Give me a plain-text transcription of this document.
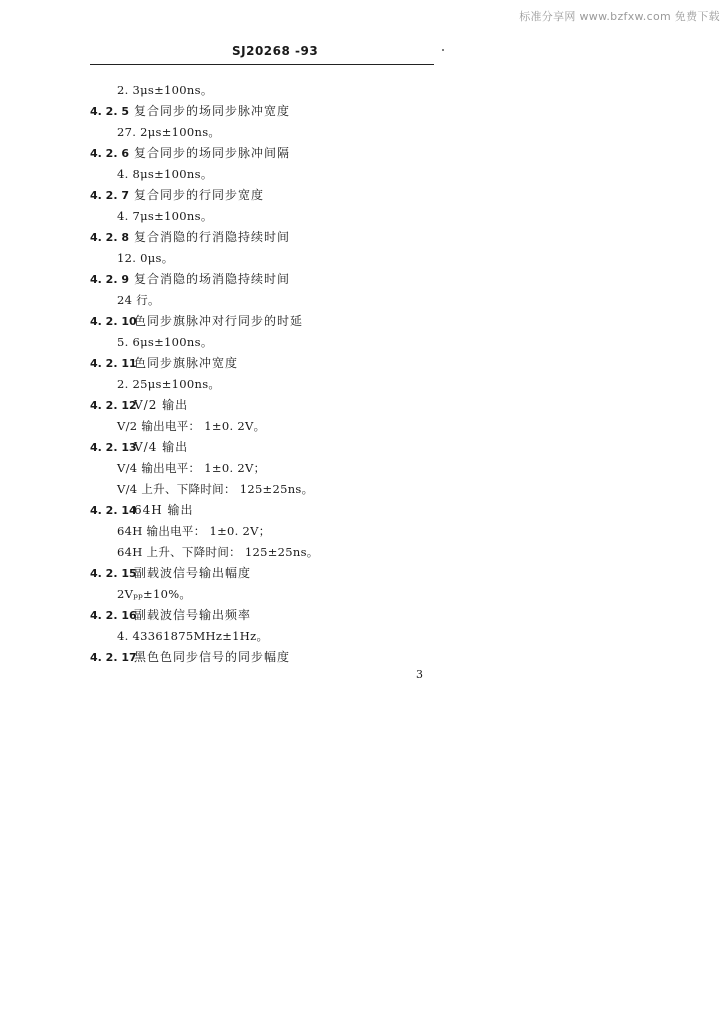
标准分享网 www.bzfxw.com 免费下载
SJ20268 -93
2. 3μs±100ns。
4. 2. 5 复合同步的场同步脉冲宽度
27. 2μs±100ns。
4. 2. 6 复合同步的场同步脉冲间隔
4. 8μs±100ns。
4. 2. 7 复合同步的行同步宽度
4. 7μs±100ns。
4. 2. 8 复合消隐的行消隐持续时间
12. 0μs。
4. 2. 9 复合消隐的场消隐持续时间
24 行。
4. 2. 10色同步旗脉冲对行同步的时延
5. 6μs±100ns。
4. 2. 11色同步旗脉冲宽度
2. 25μs±100ns。
4. 2. 12V/2 输出
V/2 输出电平： 1±0. 2V。
4. 2. 13V/4 输出
V/4 输出电平： 1±0. 2V；
V/4 上升、下降时间： 125±25ns。
4. 2. 1464H 输出
64H 输出电平： 1±0. 2V；
64H 上升、下降时间： 125±25ns。
4. 2. 15副载波信号输出幅度
2Vₚₚ±10%。
4. 2. 16副载波信号输出频率
4. 43361875MHz±1Hz。
4. 2. 17黑色色同步信号的同步幅度
3
